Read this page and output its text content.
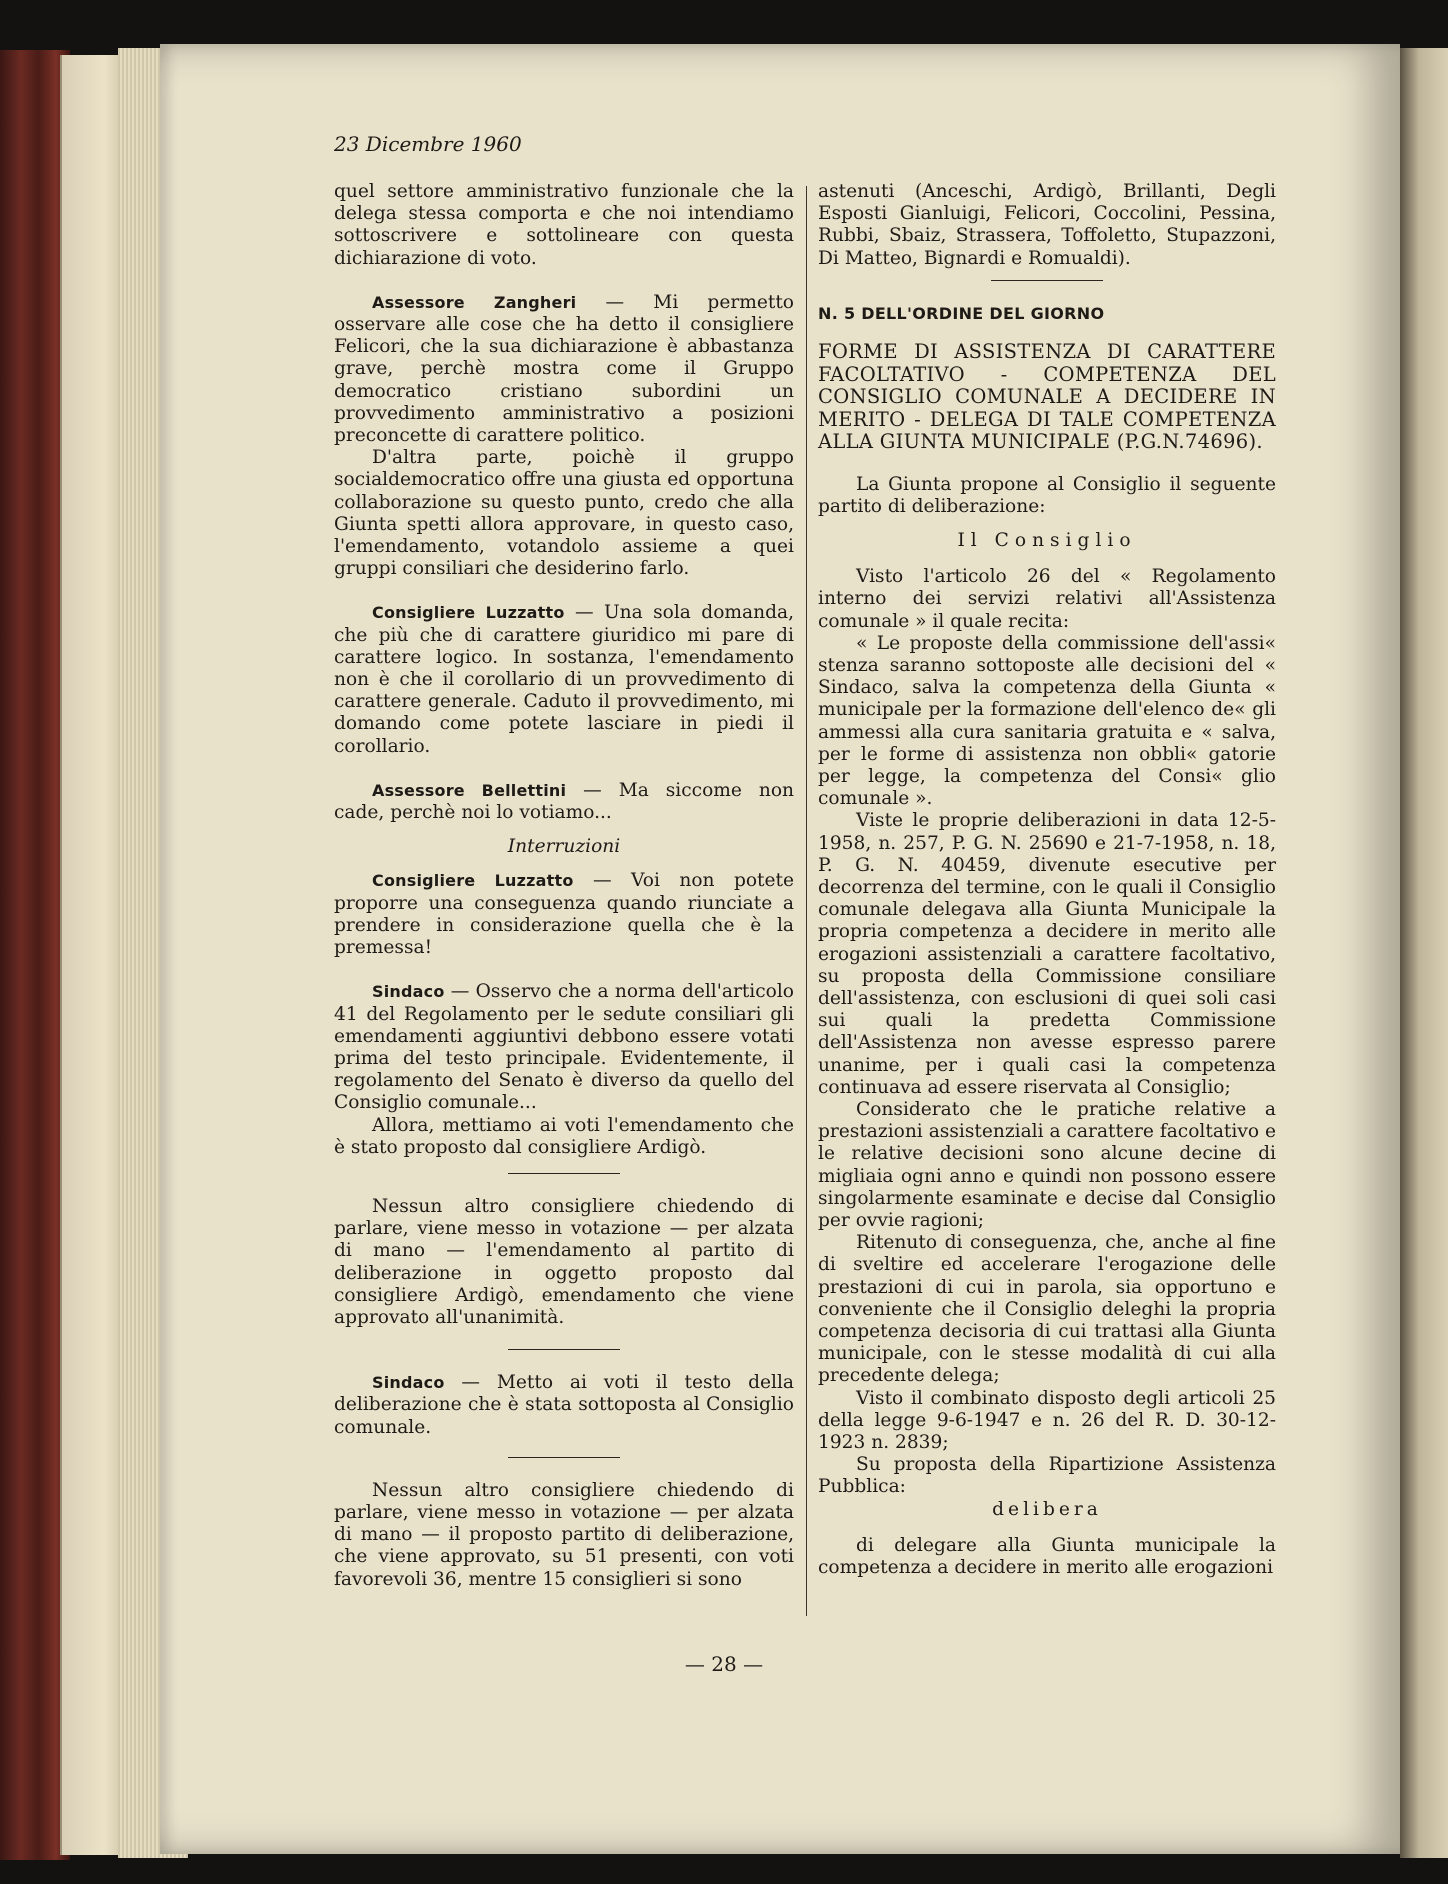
23 Dicembre 1960

quel settore amministrativo funzionale che la delega stessa comporta e che noi intendiamo sottoscrivere e sottolineare con questa dichiarazione di voto.

Assessore Zangheri — Mi permetto osservare alle cose che ha detto il consigliere Felicori, che la sua dichiarazione è abbastanza grave, perchè mostra come il Gruppo democratico cristiano subordini un provvedimento amministrativo a posizioni preconcette di carattere politico.

D'altra parte, poichè il gruppo socialdemocratico offre una giusta ed opportuna collaborazione su questo punto, credo che alla Giunta spetti allora approvare, in questo caso, l'emendamento, votandolo assieme a quei gruppi consiliari che desiderino farlo.

Consigliere Luzzatto — Una sola domanda, che più che di carattere giuridico mi pare di carattere logico. In sostanza, l'emendamento non è che il corollario di un provvedimento di carattere generale. Caduto il provvedimento, mi domando come potete lasciare in piedi il corollario.

Assessore Bellettini — Ma siccome non cade, perchè noi lo votiamo...

Interruzioni

Consigliere Luzzatto — Voi non potete proporre una conseguenza quando riunciate a prendere in considerazione quella che è la premessa!

Sindaco — Osservo che a norma dell'articolo 41 del Regolamento per le sedute consiliari gli emendamenti aggiuntivi debbono essere votati prima del testo principale. Evidentemente, il regolamento del Senato è diverso da quello del Consiglio comunale...

Allora, mettiamo ai voti l'emendamento che è stato proposto dal consigliere Ardigò.

Nessun altro consigliere chiedendo di parlare, viene messo in votazione — per alzata di mano — l'emendamento al partito di deliberazione in oggetto proposto dal consigliere Ardigò, emendamento che viene approvato all'unanimità.

Sindaco — Metto ai voti il testo della deliberazione che è stata sottoposta al Consiglio comunale.

Nessun altro consigliere chiedendo di parlare, viene messo in votazione — per alzata di mano — il proposto partito di deliberazione, che viene approvato, su 51 presenti, con voti favorevoli 36, mentre 15 consiglieri si sono

astenuti (Anceschi, Ardigò, Brillanti, Degli Esposti Gianluigi, Felicori, Coccolini, Pessina, Rubbi, Sbaiz, Strassera, Toffoletto, Stupazzoni, Di Matteo, Bignardi e Romualdi).

N. 5 DELL'ORDINE DEL GIORNO

FORME DI ASSISTENZA DI CARATTERE FACOLTATIVO - COMPETENZA DEL CONSIGLIO COMUNALE A DECIDERE IN MERITO - DELEGA DI TALE COMPETENZA ALLA GIUNTA MUNICIPALE (P.G.N.74696).

La Giunta propone al Consiglio il seguente partito di deliberazione:

Il Consiglio

Visto l'articolo 26 del « Regolamento interno dei servizi relativi all'Assistenza comunale » il quale recita:

« Le proposte della commissione dell'assi« stenza saranno sottoposte alle decisioni del « Sindaco, salva la competenza della Giunta « municipale per la formazione dell'elenco de« gli ammessi alla cura sanitaria gratuita e « salva, per le forme di assistenza non obbli« gatorie per legge, la competenza del Consi« glio comunale ».

Viste le proprie deliberazioni in data 12-5-1958, n. 257, P. G. N. 25690 e 21-7-1958, n. 18, P. G. N. 40459, divenute esecutive per decorrenza del termine, con le quali il Consiglio comunale delegava alla Giunta Municipale la propria competenza a decidere in merito alle erogazioni assistenziali a carattere facoltativo, su proposta della Commissione consiliare dell'assistenza, con esclusioni di quei soli casi sui quali la predetta Commissione dell'Assistenza non avesse espresso parere unanime, per i quali casi la competenza continuava ad essere riservata al Consiglio;

Considerato che le pratiche relative a prestazioni assistenziali a carattere facoltativo e le relative decisioni sono alcune decine di migliaia ogni anno e quindi non possono essere singolarmente esaminate e decise dal Consiglio per ovvie ragioni;

Ritenuto di conseguenza, che, anche al fine di sveltire ed accelerare l'erogazione delle prestazioni di cui in parola, sia opportuno e conveniente che il Consiglio deleghi la propria competenza decisoria di cui trattasi alla Giunta municipale, con le stesse modalità di cui alla precedente delega;

Visto il combinato disposto degli articoli 25 della legge 9-6-1947 e n. 26 del R. D. 30-12-1923 n. 2839;

Su proposta della Ripartizione Assistenza Pubblica:

delibera

di delegare alla Giunta municipale la competenza a decidere in merito alle erogazioni

— 28 —
